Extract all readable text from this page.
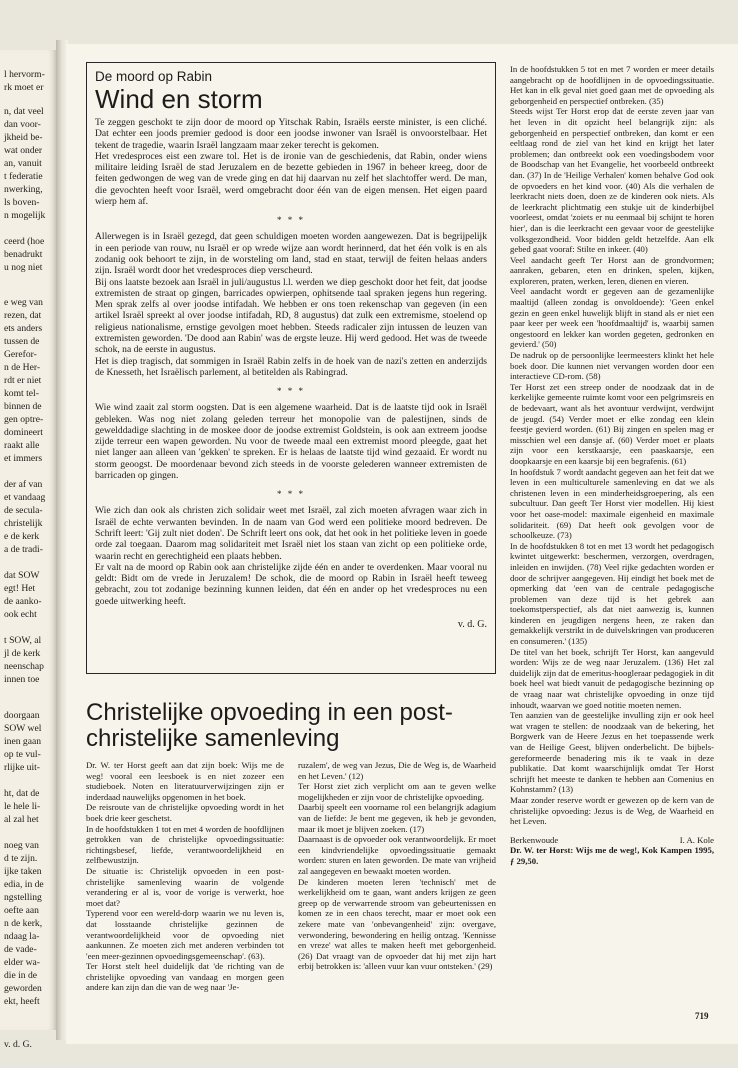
l hervorm-
rk moet er
n, dat veel
dan voor-
jkheid be-
wat onder
an, vanuit
t federatie
nwerking,
ls boven-
n mogelijk
ceerd (hoe
benadrukt
u nog niet
e weg van
rezen, dat
ets anders
tussen de
Gerefor-
n de Her-
rdt er niet
komt tel-
binnen de
gen optre-
domineert
raakt alle
et immers
der af van
et vandaag
de secula-
christelijk
e de kerk
a de tradi-
dat SOW
egt! Het
de aanko-
ook echt
t SOW, al
jl de kerk
neenschap
innen toe
doorgaan
SOW wel
inen gaan
op te vul-
rlijke uit-
ht, dat de
le hele li-
al zal het
noeg van
d te zijn.
ijke taken
edia, in de
ngstelling
oefte aan
n de kerk,
ndaag la-
de vade-
elder wa-
die in de
geworden
ekt, heeft
v. d. G.

De moord op Rabin

Wind en storm

Te zeggen geschokt te zijn door de moord op Yitschak Rabin, Israëls eerste minister, is een cliché. Dat echter een joods premier gedood is door een joodse inwoner van Israël is onvoorstelbaar. Het tekent de tragedie, waarin Israël langzaam maar zeker terecht is gekomen.

Het vredesproces eist een zware tol. Het is de ironie van de geschiedenis, dat Rabin, onder wiens militaire leiding Israël de stad Jeruzalem en de bezette gebieden in 1967 in beheer kreeg, door de feiten gedwongen de weg van de vrede ging en dat hij daarvan nu zelf het slachtoffer werd. De man, die gevochten heeft voor Israël, werd omgebracht door één van de eigen mensen. Het eigen paard wierp hem af.

* * *

Allerwegen is in Israël gezegd, dat geen schuldigen moeten worden aangewezen. Dat is begrijpelijk in een periode van rouw, nu Israël er op wrede wijze aan wordt herinnerd, dat het één volk is en als zodanig ook behoort te zijn, in de worsteling om land, stad en staat, terwijl de feiten helaas anders zijn. Israël wordt door het vredesproces diep verscheurd.

Bij ons laatste bezoek aan Israël in juli/augustus l.l. werden we diep geschokt door het feit, dat joodse extremisten de straat op gingen, barricades opwierpen, ophitsende taal spraken jegens hun regering. Men sprak zelfs al over joodse intifadah. We hebben er ons toen rekenschap van gegeven (in een artikel Israël spreekt al over joodse intifadah, RD, 8 augustus) dat zulk een extremisme, stoelend op religieus nationalisme, ernstige gevolgen moet hebben. Steeds radicaler zijn intussen de leuzen van extremisten geworden. 'De dood aan Rabin' was de ergste leuze. Hij werd gedood. Het was de tweede schok, na de eerste in augustus.

Het is diep tragisch, dat sommigen in Israël Rabin zelfs in de hoek van de nazi's zetten en anderzijds de Knesseth, het Israëlisch parlement, al betitelden als Rabingrad.

* * *

Wie wind zaait zal storm oogsten. Dat is een algemene waarheid. Dat is de laatste tijd ook in Israël gebleken. Was nog niet zolang geleden terreur het monopolie van de palestijnen, sinds de gewelddadige slachting in de moskee door de joodse extremist Goldstein, is ook aan extreem joodse zijde terreur een wapen geworden. Nu voor de tweede maal een extremist moord pleegde, gaat het niet langer aan alleen van 'gekken' te spreken. Er is helaas de laatste tijd wind gezaaid. Er wordt nu storm geoogst. De moordenaar bevond zich steeds in de voorste gelederen wanneer extremisten de barricaden op gingen.

* * *

Wie zich dan ook als christen zich solidair weet met Israël, zal zich moeten afvragen waar zich in Israël de echte verwanten bevinden. In de naam van God werd een politieke moord bedreven. De Schrift leert: 'Gij zult niet doden'. De Schrift leert ons ook, dat het ook in het politieke leven in goede orde zal toegaan. Daarom mag solidariteit met Israël niet los staan van zicht op een politieke orde, waarin recht en gerechtigheid een plaats hebben.

Er valt na de moord op Rabin ook aan christelijke zijde één en ander te overdenken. Maar vooral nu geldt: Bidt om de vrede in Jeruzalem! De schok, die de moord op Rabin in Israël heeft teweeg gebracht, zou tot zodanige bezinning kunnen leiden, dat één en ander op het vredesproces nu een goede uitwerking heeft.

v. d. G.
Christelijke opvoeding in een post-christelijke samenleving

Dr. W. ter Horst geeft aan dat zijn boek: Wijs me de weg! vooral een leesboek is en niet zozeer een studieboek. Noten en literatuurverwijzingen zijn er inderdaad nauwelijks opgenomen in het boek.

De reisroute van de christelijke opvoeding wordt in het boek drie keer geschetst.

In de hoofdstukken 1 tot en met 4 worden de hoofdlijnen getrokken van de christelijke opvoedingssituatie: richtingsbesef, liefde, verantwoordelijkheid en zelfbewustzijn.

De situatie is: Christelijk opvoeden in een post-christelijke samenleving waarin de volgende verandering er al is, voor de vorige is verwerkt, hoe moet dat?

Typerend voor een wereld-dorp waarin we nu leven is, dat losstaande christelijke gezinnen de verantwoordelijkheid voor de opvoeding niet aankunnen. Ze moeten zich met anderen verbinden tot 'een meer-gezinnen opvoedingsgemeenschap'. (63).

Ter Horst stelt heel duidelijk dat 'de richting van de christelijke opvoeding van vandaag en morgen geen andere kan zijn dan die van de weg naar 'Je-

ruzalem', de weg van Jezus, Die de Weg is, de Waarheid en het Leven.' (12)

Ter Horst ziet zich verplicht om aan te geven welke mogelijkheden er zijn voor de christelijke opvoeding.

Daarbij speelt een voorname rol een belangrijk adagium van de liefde: Je bent me gegeven, ik heb je gevonden, maar ik moet je blijven zoeken. (17)

Daarnaast is de opvoeder ook verantwoordelijk. Er moet een kindvriendelijke opvoedingssituatie gemaakt worden: sturen en laten geworden. De mate van vrijheid zal aangegeven en bewaakt moeten worden.

De kinderen moeten leren 'technisch' met de werkelijkheid om te gaan, want anders krijgen ze geen greep op de verwarrende stroom van gebeurtenissen en komen ze in een chaos terecht, maar er moet ook een zekere mate van 'onbevangenheid' zijn: overgave, verwondering, bewondering en heilig ontzag. 'Kennisse en vreze' wat alles te maken heeft met geborgenheid. (26) Dat vraagt van de opvoeder dat hij met zijn hart erbij betrokken is: 'alleen vuur kan vuur ontsteken.' (29)

In de hoofdstukken 5 tot en met 7 worden er meer details aangebracht op de hoofdlijnen in de opvoedingssituatie. Het kan in elk geval niet goed gaan met de opvoeding als geborgenheid en perspectief ontbreken. (35)

Steeds wijst Ter Horst erop dat de eerste zeven jaar van het leven in dit opzicht heel belangrijk zijn: als geborgenheid en perspectief ontbreken, dan komt er een eeltlaag rond de ziel van het kind en krijgt het later problemen; dan ontbreekt ook een voedingsbodem voor de Boodschap van het Evangelie, het voorbeeld ontbreekt dan. (37) In de 'Heilige Verhalen' komen behalve God ook de opvoeders en het kind voor. (40) Als die verhalen de leerkracht niets doen, doen ze de kinderen ook niets. Als de leerkracht plichtmatig een stukje uit de kinderbijbel voorleest, omdat 'zoiets er nu eenmaal bij schijnt te horen hier', dan is die leerkracht een gevaar voor de geestelijke volksgezondheid. Voor bidden geldt hetzelfde. Aan elk gebed gaat vooraf: Stilte en inkeer. (40)

Veel aandacht geeft Ter Horst aan de grondvormen; aanraken, gebaren, eten en drinken, spelen, kijken, exploreren, praten, werken, leren, dienen en vieren.

Veel aandacht wordt er gegeven aan de gezamenlijke maaltijd (alleen zondag is onvoldoende): 'Geen enkel gezin en geen enkel huwelijk blijft in stand als er niet een paar keer per week een 'hoofdmaaltijd' is, waarbij samen ongestoord en lekker kan worden gegeten, gedronken en gevierd.' (50)

De nadruk op de persoonlijke leermeesters klinkt het hele boek door. Die kunnen niet vervangen worden door een interactieve CD-rom. (58)

Ter Horst zet een streep onder de noodzaak dat in de kerkelijke gemeente ruimte komt voor een pelgrimsreis en de bedevaart, want als het avontuur verdwijnt, verdwijnt de jeugd. (54) Verder moet er elke zondag een klein feestje gevierd worden. (61) Bij zingen en spelen mag er misschien wel een dansje af. (60) Verder moet er plaats zijn voor een kerstkaarsje, een paaskaarsje, een doopkaarsje en een kaarsje bij een begrafenis. (61)

In hoofdstuk 7 wordt aandacht gegeven aan het feit dat we leven in een multiculturele samenleving en dat we als christenen leven in een minderheidsgroepering, als een subcultuur. Dan geeft Ter Horst vier modellen. Hij kiest voor het oase-model: maximale eigenheid en maximale solidariteit. (69) Dat heeft ook gevolgen voor de schoolkeuze. (73)

In de hoofdstukken 8 tot en met 13 wordt het pedagogisch kwintet uitgewerkt: beschermen, verzorgen, overdragen, inleiden en inwijden. (78) Veel rijke gedachten worden er door de schrijver aangegeven. Hij eindigt het boek met de opmerking dat 'een van de centrale pedagogische problemen van deze tijd is het gebrek aan toekomstperspectief, als dat niet aanwezig is, kunnen kinderen en jeugdigen nergens heen, ze raken dan gemakkelijk verstrikt in de duivelskringen van produceren en consumeren.' (135)

De titel van het boek, schrijft Ter Horst, kan aangevuld worden: Wijs ze de weg naar Jeruzalem. (136) Het zal duidelijk zijn dat de emeritus-hoogleraar pedagogiek in dit boek heel wat biedt vanuit de pedagogische bezinning op de vraag naar wat christelijke opvoeding in onze tijd inhoudt, waarvan we goed notitie moeten nemen.

Ten aanzien van de geestelijke invulling zijn er ook heel wat vragen te stellen: de noodzaak van de bekering, het Borgwerk van de Heere Jezus en het toepassende werk van de Heilige Geest, blijven onderbelicht. De bijbels-gereformeerde benadering mis ik te vaak in deze publikatie. Dat komt waarschijnlijk omdat Ter Horst schrijft het meeste te danken te hebben aan Comenius en Kohnstamm? (13)

Maar zonder reserve wordt er gewezen op de kern van de christelijke opvoeding: Jezus is de Weg, de Waarheid en het Leven.

Berkenwoude	I. A. Kole

Dr. W. ter Horst: Wijs me de weg!, Kok Kampen 1995, ƒ 29,50.

719
